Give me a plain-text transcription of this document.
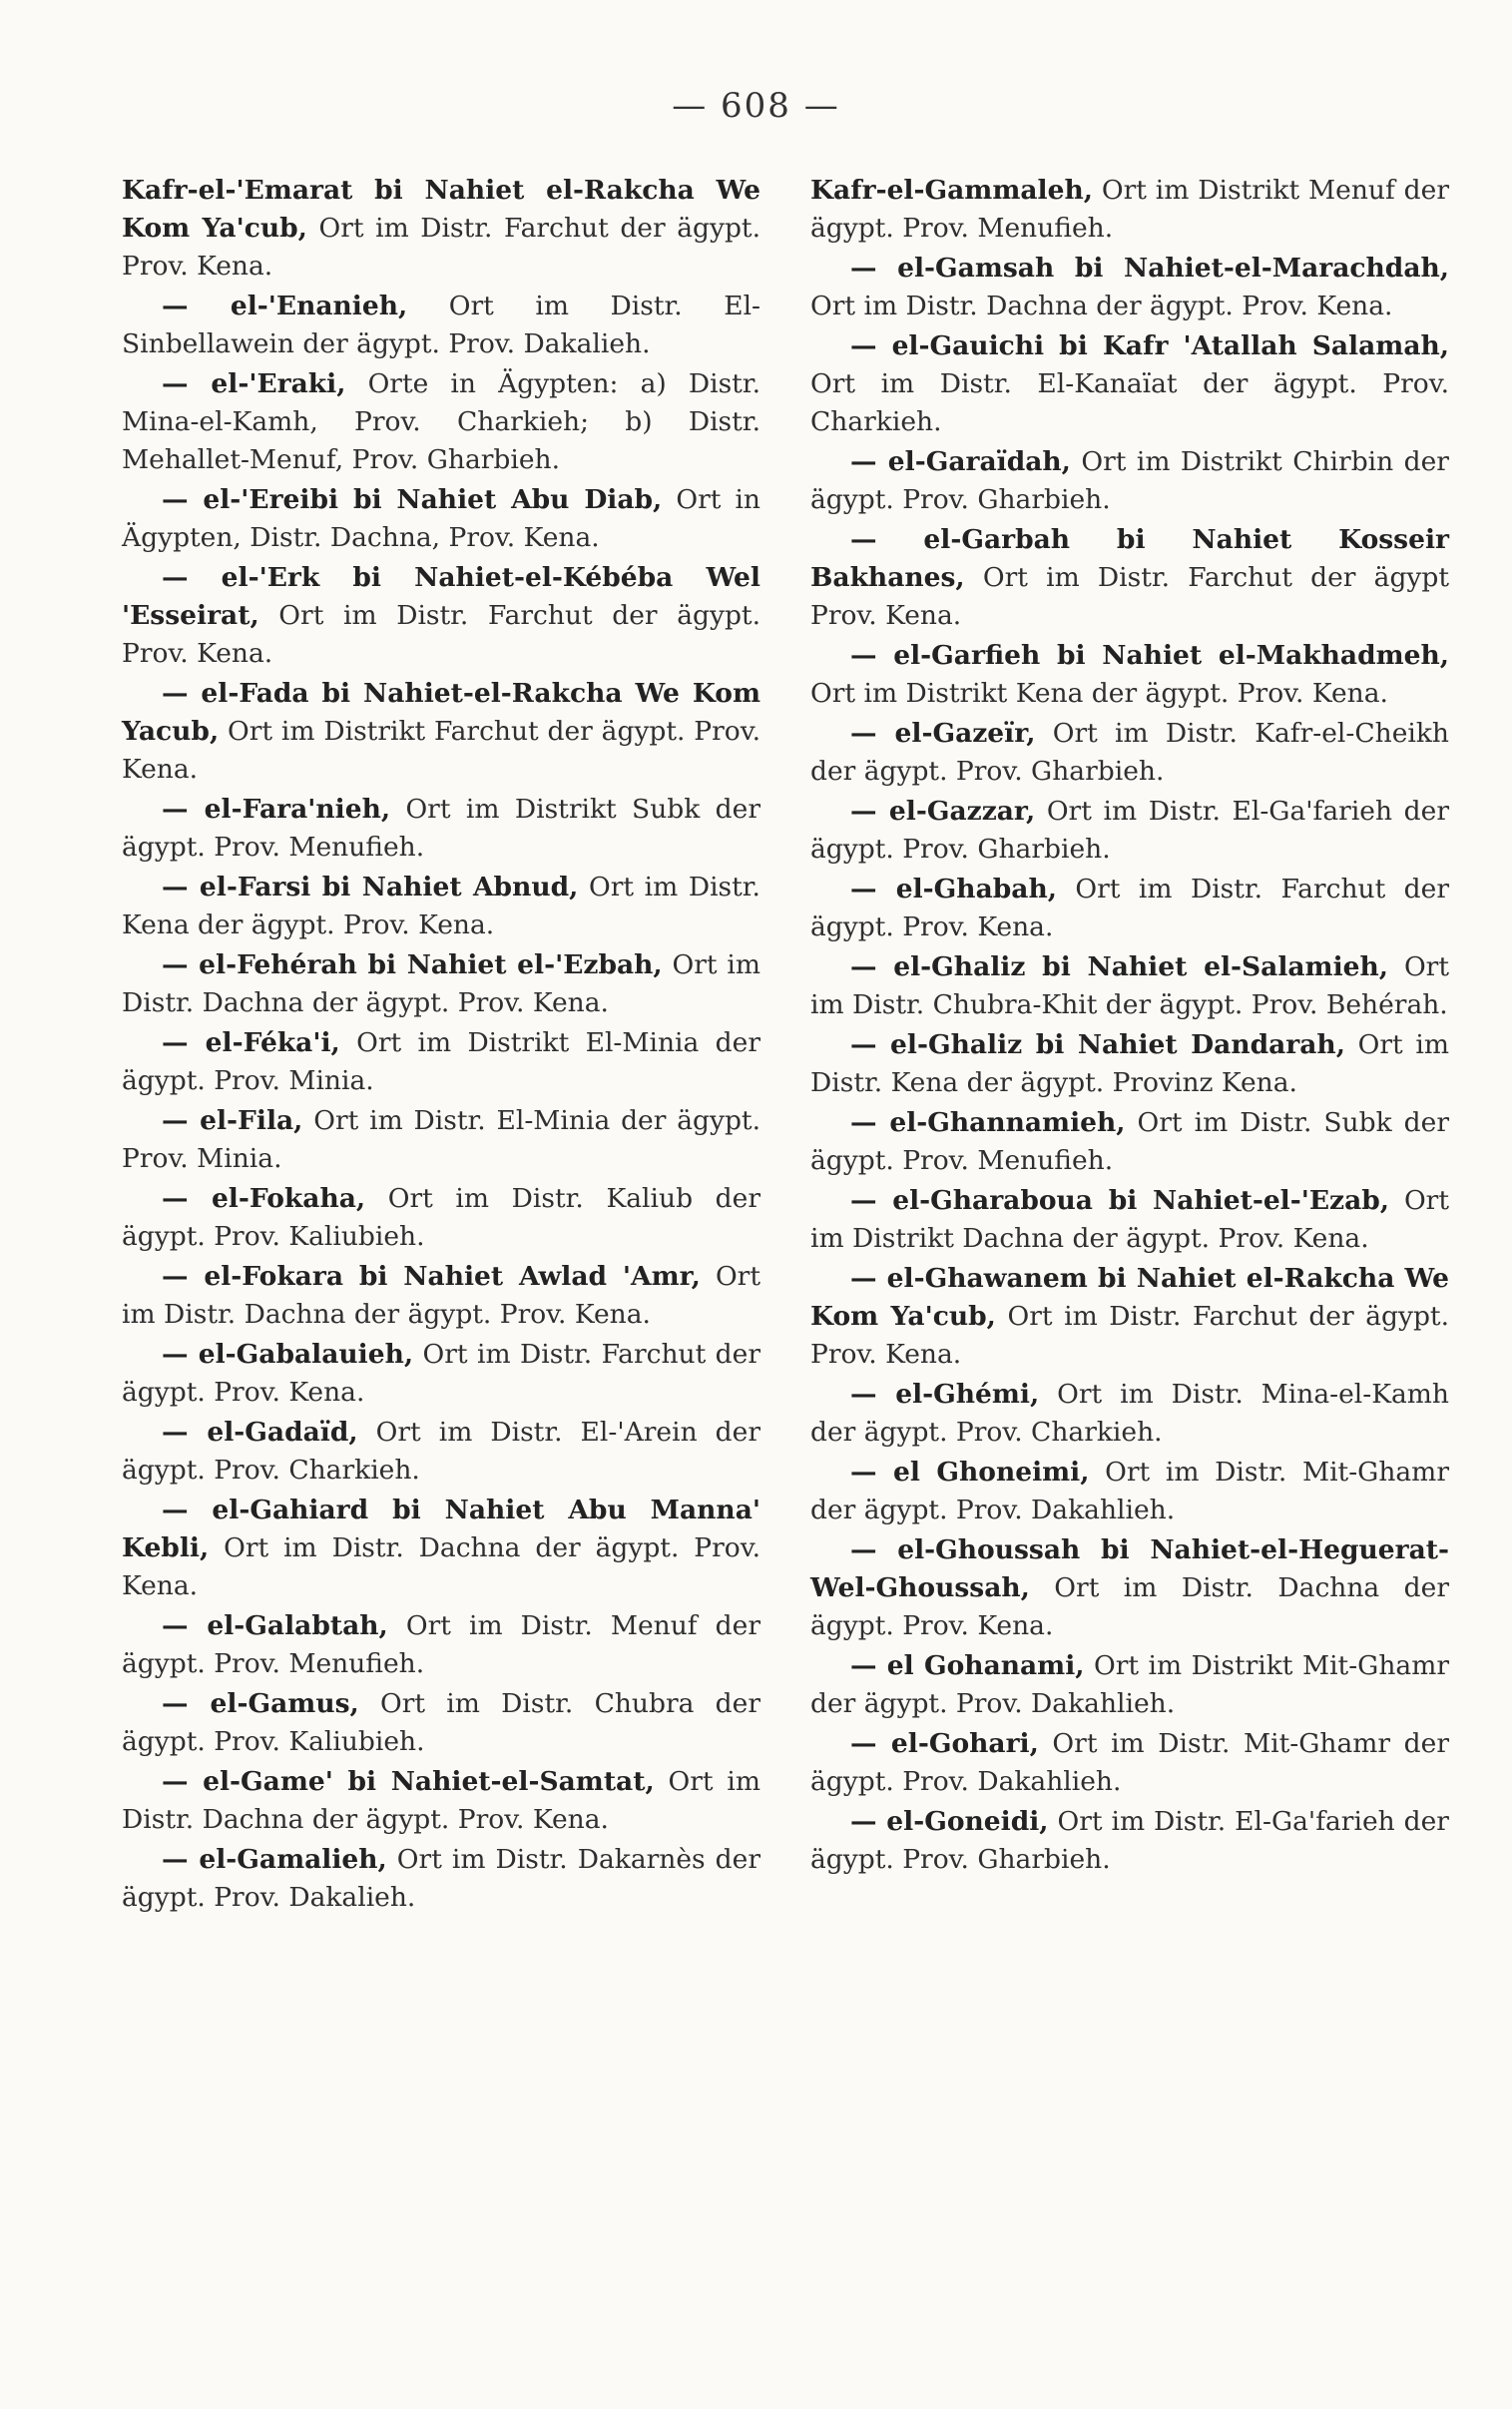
— 608 —

Kafr-el-'Emarat bi Nahiet el-Rakcha We Kom Ya'cub, Ort im Distr. Farchut der ägypt. Prov. Kena.

— el-'Enanieh, Ort im Distr. El-Sinbellawein der ägypt. Prov. Dakalieh.

— el-'Eraki, Orte in Ägypten: a) Distr. Mina-el-Kamh, Prov. Charkieh; b) Distr. Mehallet-Menuf, Prov. Gharbieh.

— el-'Ereibi bi Nahiet Abu Diab, Ort in Ägypten, Distr. Dachna, Prov. Kena.

— el-'Erk bi Nahiet-el-Kébéba Wel 'Esseirat, Ort im Distr. Farchut der ägypt. Prov. Kena.

— el-Fada bi Nahiet-el-Rakcha We Kom Yacub, Ort im Distrikt Farchut der ägypt. Prov. Kena.

— el-Fara'nieh, Ort im Distrikt Subk der ägypt. Prov. Menufieh.

— el-Farsi bi Nahiet Abnud, Ort im Distr. Kena der ägypt. Prov. Kena.

— el-Fehérah bi Nahiet el-'Ezbah, Ort im Distr. Dachna der ägypt. Prov. Kena.

— el-Féka'i, Ort im Distrikt El-Minia der ägypt. Prov. Minia.

— el-Fila, Ort im Distr. El-Minia der ägypt. Prov. Minia.

— el-Fokaha, Ort im Distr. Kaliub der ägypt. Prov. Kaliubieh.

— el-Fokara bi Nahiet Awlad 'Amr, Ort im Distr. Dachna der ägypt. Prov. Kena.

— el-Gabalauieh, Ort im Distr. Farchut der ägypt. Prov. Kena.

— el-Gadaïd, Ort im Distr. El-'Arein der ägypt. Prov. Charkieh.

— el-Gahiard bi Nahiet Abu Manna' Kebli, Ort im Distr. Dachna der ägypt. Prov. Kena.

— el-Galabtah, Ort im Distr. Menuf der ägypt. Prov. Menufieh.

— el-Gamus, Ort im Distr. Chubra der ägypt. Prov. Kaliubieh.

— el-Game' bi Nahiet-el-Samtat, Ort im Distr. Dachna der ägypt. Prov. Kena.

— el-Gamalieh, Ort im Distr. Dakarnès der ägypt. Prov. Dakalieh.

Kafr-el-Gammaleh, Ort im Distrikt Menuf der ägypt. Prov. Menufieh.

— el-Gamsah bi Nahiet-el-Marachdah, Ort im Distr. Dachna der ägypt. Prov. Kena.

— el-Gauichi bi Kafr 'Atallah Salamah, Ort im Distr. El-Kanaïat der ägypt. Prov. Charkieh.

— el-Garaïdah, Ort im Distrikt Chirbin der ägypt. Prov. Gharbieh.

— el-Garbah bi Nahiet Kosseir Bakhanes, Ort im Distr. Farchut der ägypt Prov. Kena.

— el-Garfieh bi Nahiet el-Makhadmeh, Ort im Distrikt Kena der ägypt. Prov. Kena.

— el-Gazeïr, Ort im Distr. Kafr-el-Cheikh der ägypt. Prov. Gharbieh.

— el-Gazzar, Ort im Distr. El-Ga'farieh der ägypt. Prov. Gharbieh.

— el-Ghabah, Ort im Distr. Farchut der ägypt. Prov. Kena.

— el-Ghaliz bi Nahiet el-Salamieh, Ort im Distr. Chubra-Khit der ägypt. Prov. Behérah.

— el-Ghaliz bi Nahiet Dandarah, Ort im Distr. Kena der ägypt. Provinz Kena.

— el-Ghannamieh, Ort im Distr. Subk der ägypt. Prov. Menufieh.

— el-Gharaboua bi Nahiet-el-'Ezab, Ort im Distrikt Dachna der ägypt. Prov. Kena.

— el-Ghawanem bi Nahiet el-Rakcha We Kom Ya'cub, Ort im Distr. Farchut der ägypt. Prov. Kena.

— el-Ghémi, Ort im Distr. Mina-el-Kamh der ägypt. Prov. Charkieh.

— el Ghoneimi, Ort im Distr. Mit-Ghamr der ägypt. Prov. Dakahlieh.

— el-Ghoussah bi Nahiet-el-Heguerat-Wel-Ghoussah, Ort im Distr. Dachna der ägypt. Prov. Kena.

— el Gohanami, Ort im Distrikt Mit-Ghamr der ägypt. Prov. Dakahlieh.

— el-Gohari, Ort im Distr. Mit-Ghamr der ägypt. Prov. Dakahlieh.

— el-Goneidi, Ort im Distr. El-Ga'farieh der ägypt. Prov. Gharbieh.
